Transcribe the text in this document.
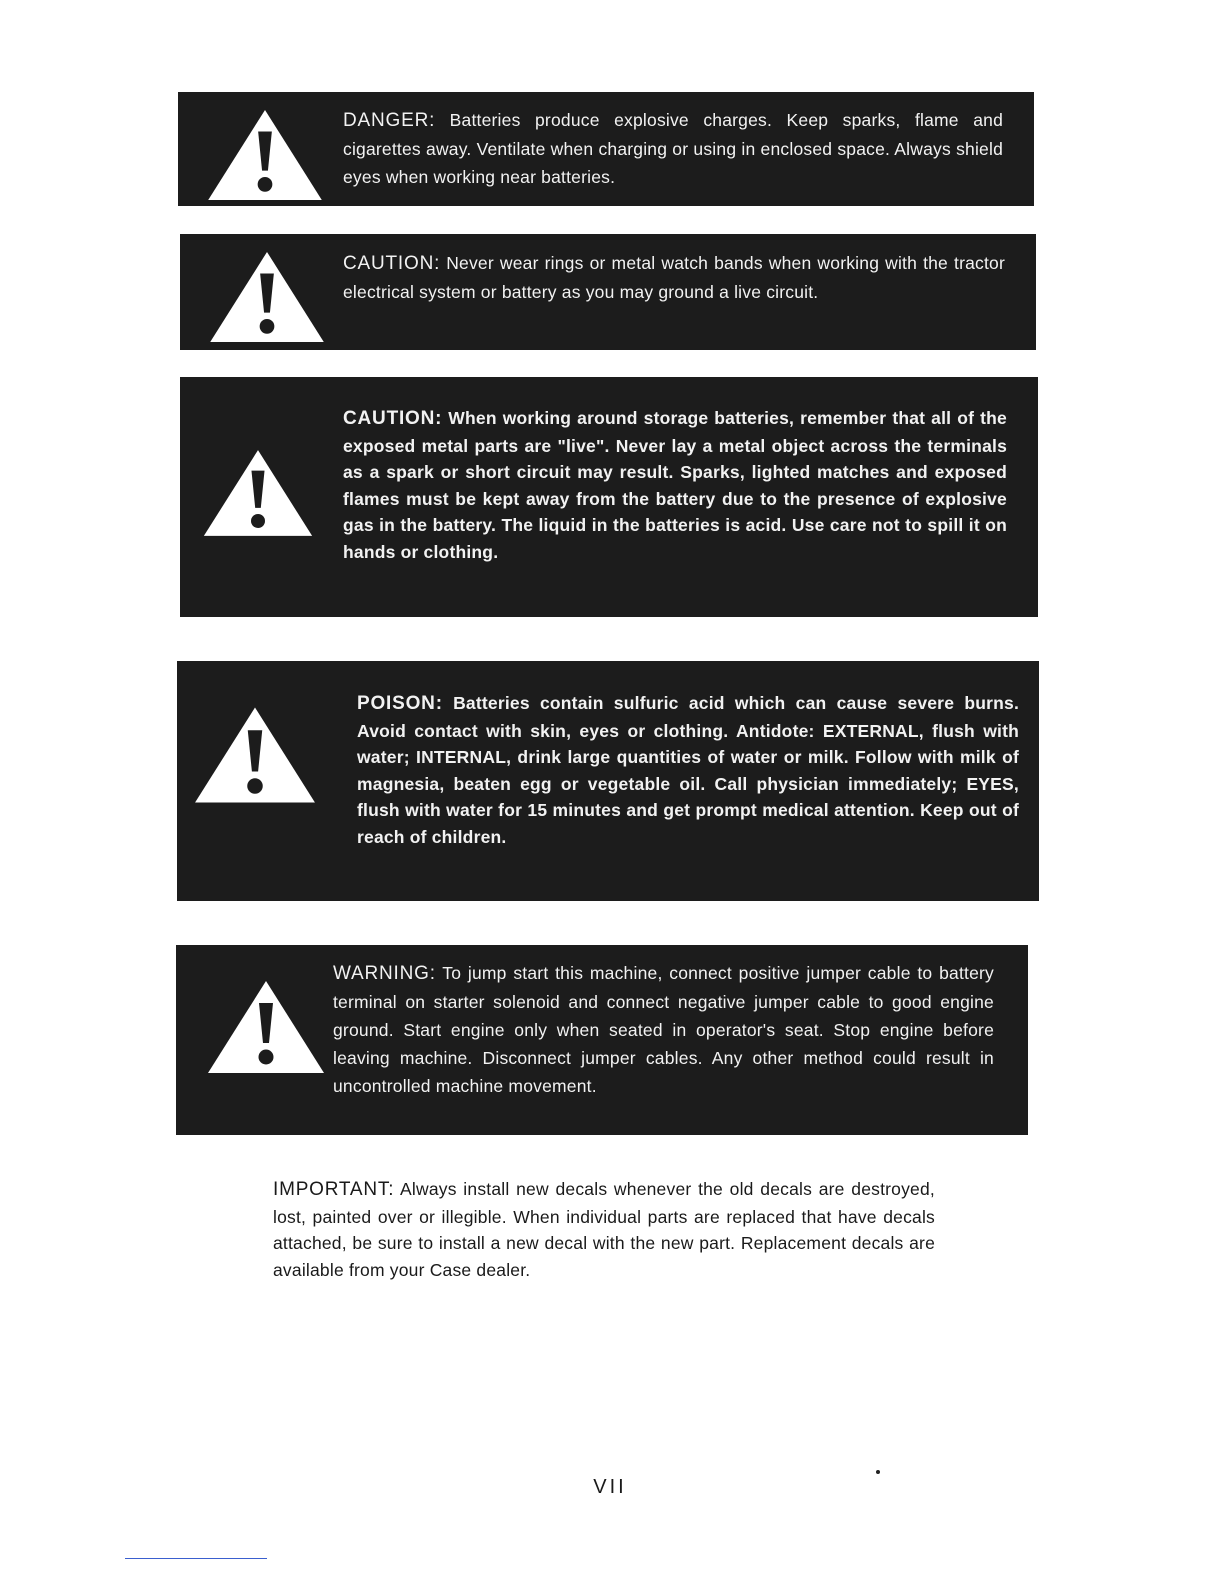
DANGER: Batteries produce explosive charges. Keep sparks, flame and cigarettes away. Ventilate when charging or using in enclosed space. Always shield eyes when working near batteries.
CAUTION: Never wear rings or metal watch bands when working with the tractor electrical system or battery as you may ground a live circuit.
CAUTION: When working around storage batteries, remember that all of the exposed metal parts are "live". Never lay a metal object across the terminals as a spark or short circuit may result. Sparks, lighted matches and exposed flames must be kept away from the battery due to the presence of explosive gas in the battery. The liquid in the batteries is acid. Use care not to spill it on hands or clothing.
POISON: Batteries contain sulfuric acid which can cause severe burns. Avoid contact with skin, eyes or clothing. Antidote: EXTERNAL, flush with water; INTERNAL, drink large quantities of water or milk. Follow with milk of magnesia, beaten egg or vegetable oil. Call physician immediately; EYES, flush with water for 15 minutes and get prompt medical attention. Keep out of reach of children.
WARNING: To jump start this machine, connect positive jumper cable to battery terminal on starter solenoid and connect negative jumper cable to good engine ground. Start engine only when seated in operator's seat. Stop engine before leaving machine. Disconnect jumper cables. Any other method could result in uncontrolled machine movement.
IMPORTANT: Always install new decals whenever the old decals are destroyed, lost, painted over or illegible. When individual parts are replaced that have decals attached, be sure to install a new decal with the new part. Replacement decals are available from your Case dealer.
VII
